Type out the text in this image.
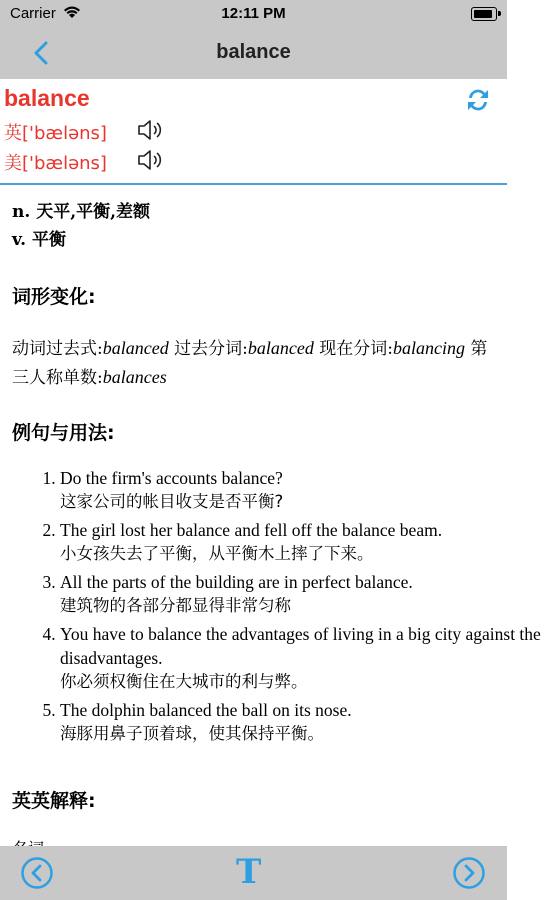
Carrier	12:11 PM
balance
balance
英['bæləns]
美['bæləns]
n. 天平,平衡,差额
v. 平衡
词形变化:
动词过去式:balanced 过去分词:balanced 现在分词:balancing 第三人称单数:balances
例句与用法:
1. Do the firm's accounts balance?
这家公司的帐目收支是否平衡?
2. The girl lost her balance and fell off the balance beam.
小女孩失去了平衡，从平衡木上摔了下来。
3. All the parts of the building are in perfect balance.
建筑物的各部分都显得非常匀称
4. You have to balance the advantages of living in a big city against the disadvantages.
你必须权衡住在大城市的利与弊。
5. The dolphin balanced the ball on its nose.
海豚用鼻子顶着球，使其保持平衡。
英英解释:
T
